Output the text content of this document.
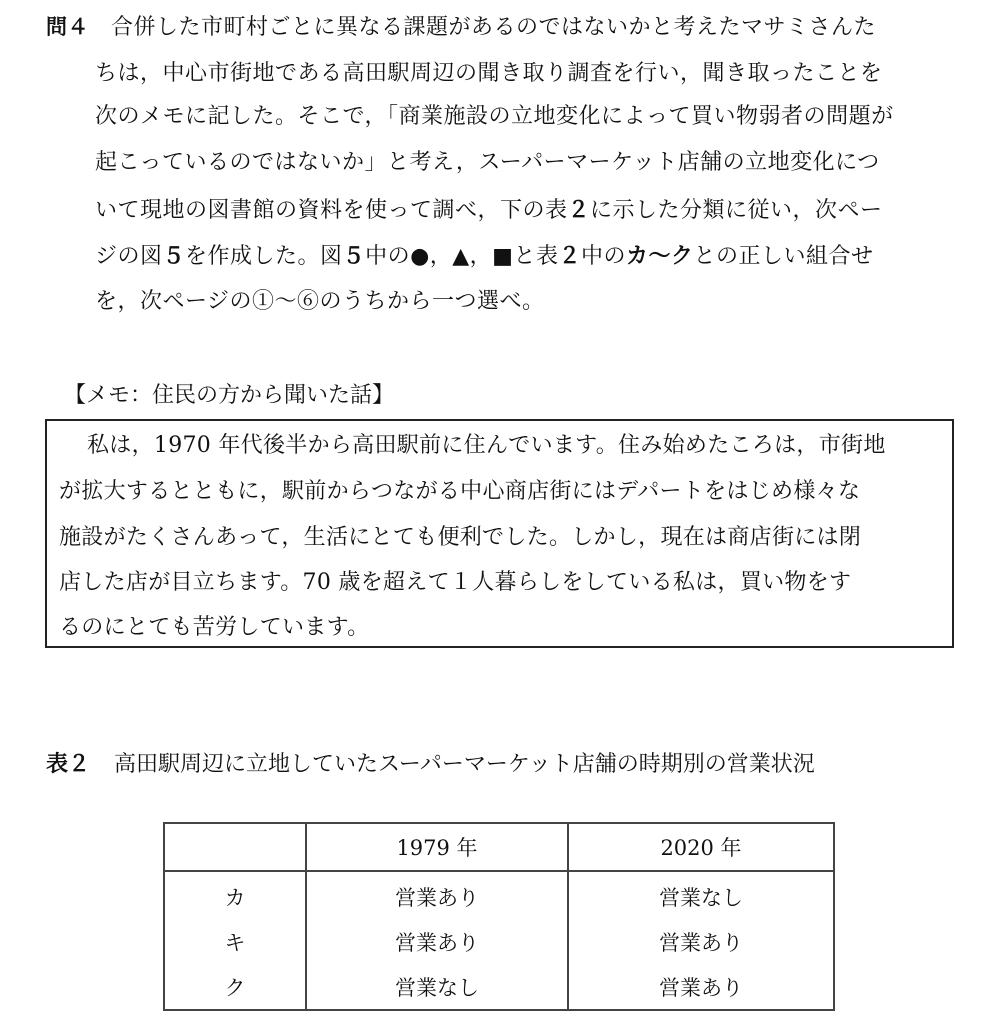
問４ 合併した市町村ごとに異なる課題があるのではないかと考えたマサミさんた
ちは，中心市街地である高田駅周辺の聞き取り調査を行い，聞き取ったことを
次のメモに記した。そこで，「商業施設の立地変化によって買い物弱者の問題が
起こっているのではないか」と考え，スーパーマーケット店舗の立地変化につ
いて現地の図書館の資料を使って調べ，下の表２に示した分類に従い，次ペー
ジの図５を作成した。図５中の●，▲，■と表２中のカ〜クとの正しい組合せ
を，次ページの①〜⑥のうちから一つ選べ。
【メモ：住民の方から聞いた話】
私は，1970 年代後半から高田駅前に住んでいます。住み始めたころは，市街地
が拡大するとともに，駅前からつながる中心商店街にはデパートをはじめ様々な
施設がたくさんあって，生活にとても便利でした。しかし，現在は商店街には閉
店した店が目立ちます。70 歳を超えて１人暮らしをしている私は，買い物をす
るのにとても苦労しています。
表２ 高田駅周辺に立地していたスーパーマーケット店舗の時期別の営業状況
	1979 年	2020 年
カ	営業あり	営業なし
キ	営業あり	営業あり
ク	営業なし	営業あり
